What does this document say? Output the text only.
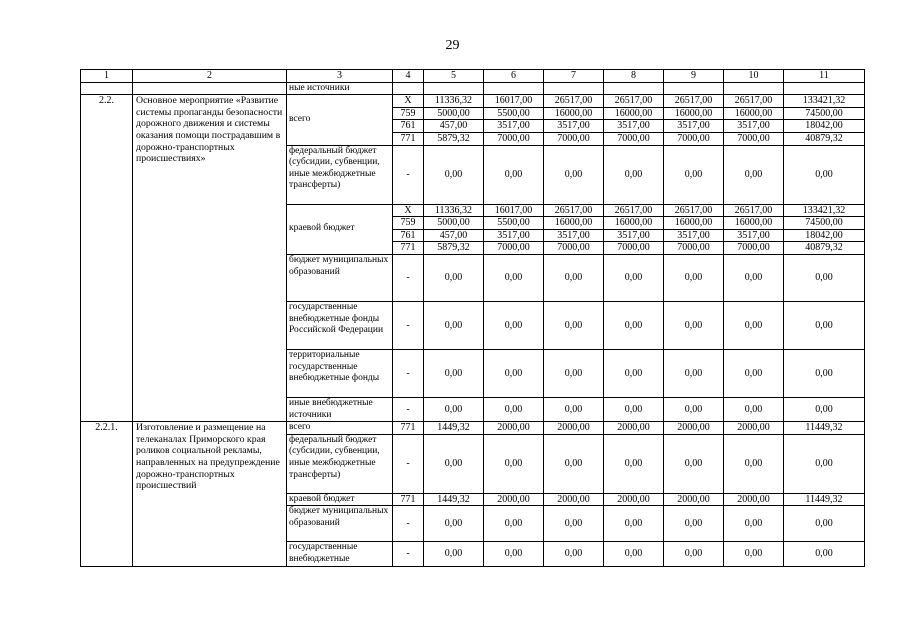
29
1	2	3	4	5	6	7	8	9	10	11
		ные источники								
2.2.	Основное мероприятие «Развитие системы пропаганды безопасности дорожного движения и системы оказания помощи пострадавшим в дорожно-транспортных происшествиях»	всего	X	11336,32	16017,00	26517,00	26517,00	26517,00	26517,00	133421,32
			759	5000,00	5500,00	16000,00	16000,00	16000,00	16000,00	74500,00
			761	457,00	3517,00	3517,00	3517,00	3517,00	3517,00	18042,00
			771	5879,32	7000,00	7000,00	7000,00	7000,00	7000,00	40879,32
		федеральный бюджет (субсидии, субвенции, иные межбюджетные трансферты)	-	0,00	0,00	0,00	0,00	0,00	0,00	0,00
		краевой бюджет	X	11336,32	16017,00	26517,00	26517,00	26517,00	26517,00	133421,32
			759	5000,00	5500,00	16000,00	16000,00	16000,00	16000,00	74500,00
			761	457,00	3517,00	3517,00	3517,00	3517,00	3517,00	18042,00
			771	5879,32	7000,00	7000,00	7000,00	7000,00	7000,00	40879,32
		бюджет муниципальных образований	-	0,00	0,00	0,00	0,00	0,00	0,00	0,00
		государственные внебюджетные фонды Российской Федерации	-	0,00	0,00	0,00	0,00	0,00	0,00	0,00
		территориальные государственные внебюджетные фонды	-	0,00	0,00	0,00	0,00	0,00	0,00	0,00
		иные внебюджетные источники	-	0,00	0,00	0,00	0,00	0,00	0,00	0,00
2.2.1.	Изготовление и размещение на телеканалах Приморского края роликов социальной рекламы, направленных на предупреждение дорожно-транспортных происшествий	всего	771	1449,32	2000,00	2000,00	2000,00	2000,00	2000,00	11449,32
		федеральный бюджет (субсидии, субвенции, иные межбюджетные трансферты)	-	0,00	0,00	0,00	0,00	0,00	0,00	0,00
		краевой бюджет	771	1449,32	2000,00	2000,00	2000,00	2000,00	2000,00	11449,32
		бюджет муниципальных образований	-	0,00	0,00	0,00	0,00	0,00	0,00	0,00
		государственные внебюджетные	-	0,00	0,00	0,00	0,00	0,00	0,00	0,00
